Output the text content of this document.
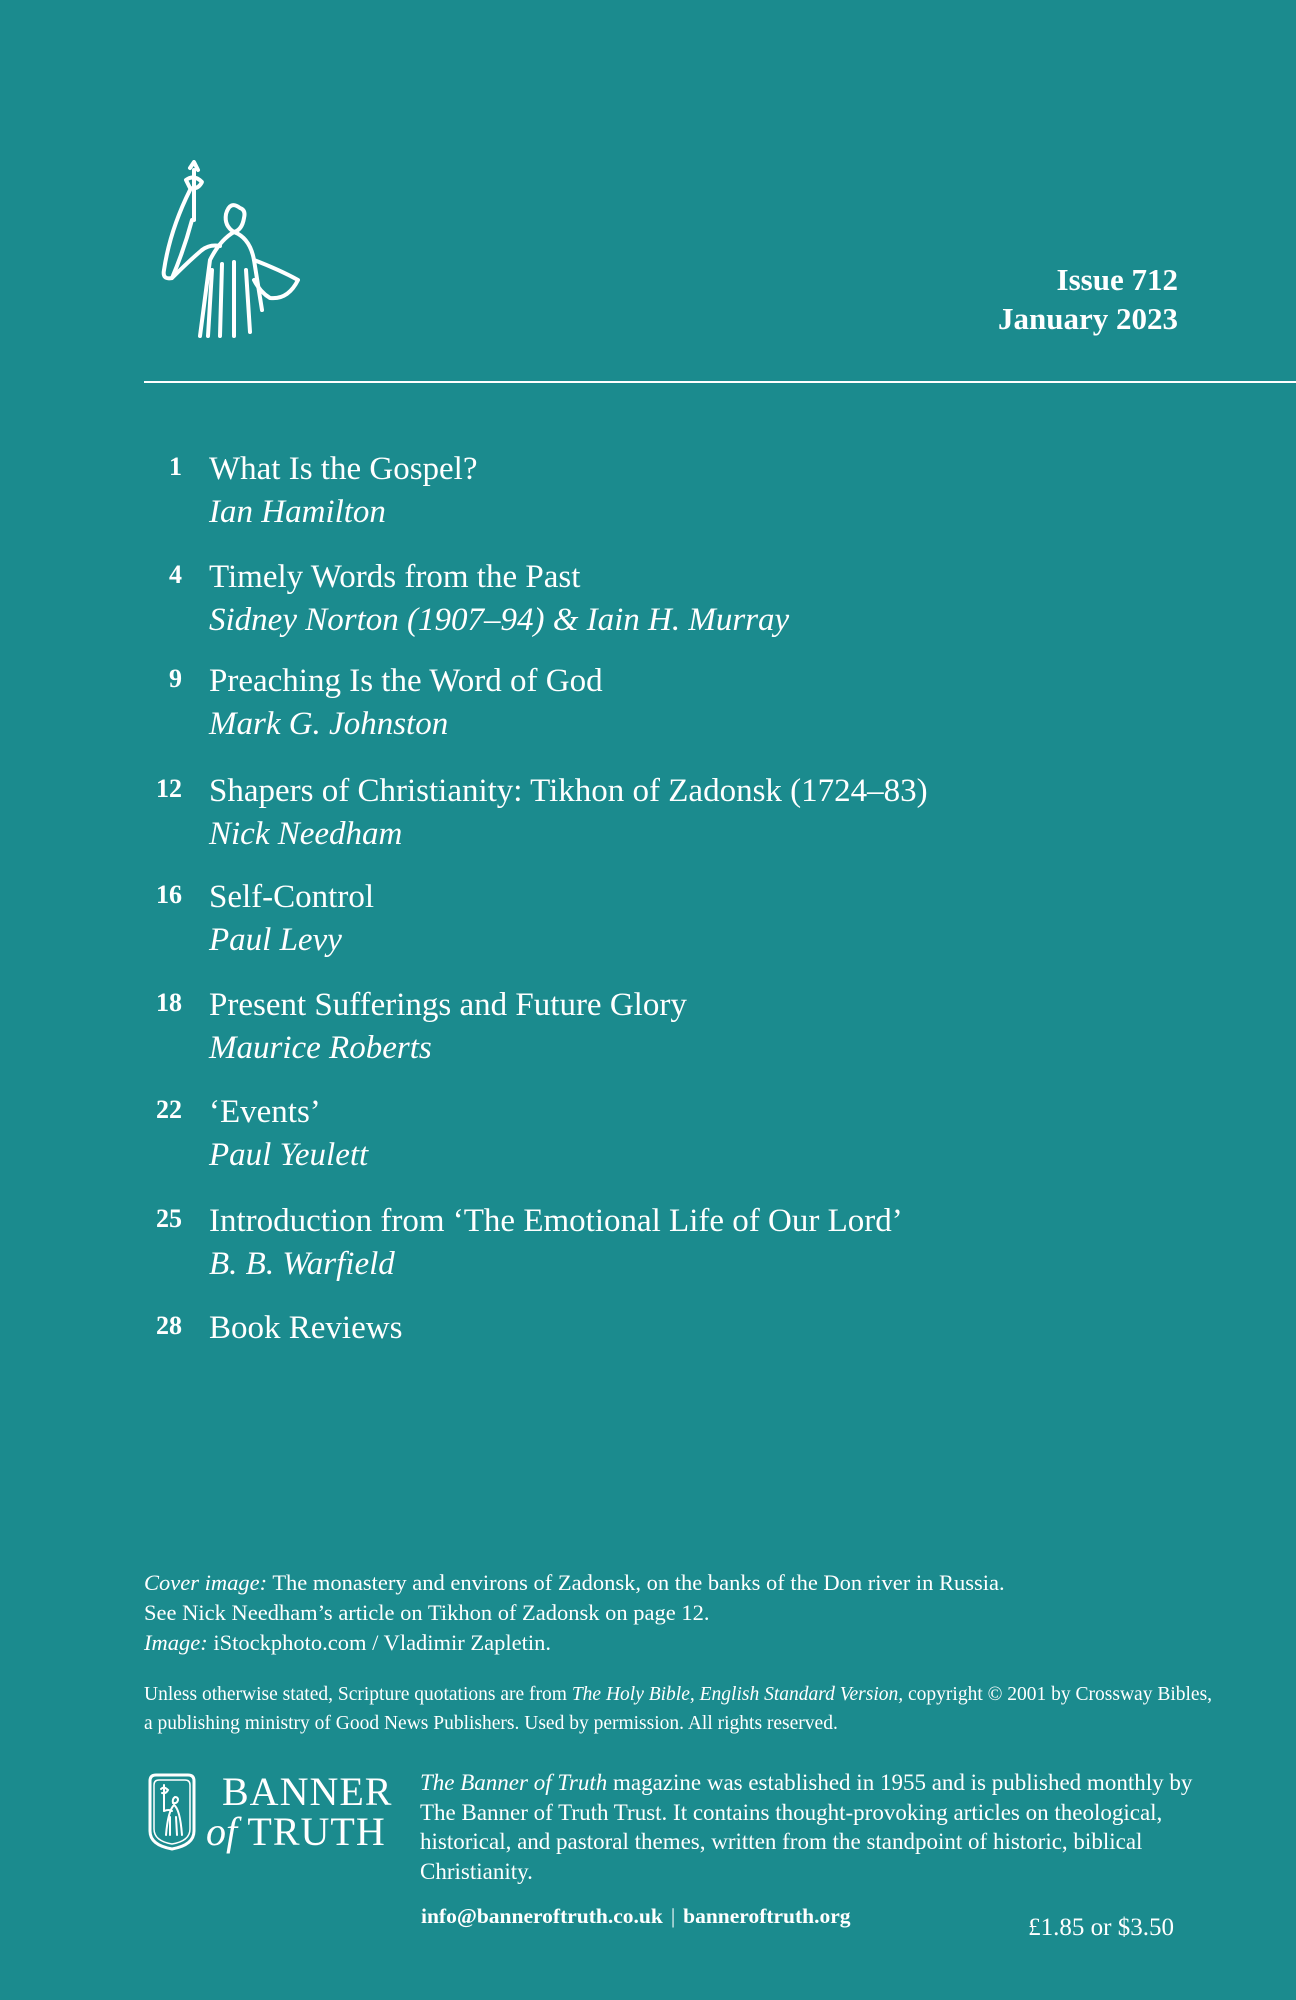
Issue 712
January 2023
1 What Is the Gospel?
Ian Hamilton
4 Timely Words from the Past
Sidney Norton (1907–94) & Iain H. Murray
9 Preaching Is the Word of God
Mark G. Johnston
12 Shapers of Christianity: Tikhon of Zadonsk (1724–83)
Nick Needham
16 Self-Control
Paul Levy
18 Present Sufferings and Future Glory
Maurice Roberts
22 ‘Events’
Paul Yeulett
25 Introduction from ‘The Emotional Life of Our Lord’
B. B. Warfield
28 Book Reviews
Cover image: The monastery and environs of Zadonsk, on the banks of the Don river in Russia.
See Nick Needham’s article on Tikhon of Zadonsk on page 12.
Image: iStockphoto.com / Vladimir Zapletin.
Unless otherwise stated, Scripture quotations are from The Holy Bible, English Standard Version, copyright © 2001 by Crossway Bibles, a publishing ministry of Good News Publishers. Used by permission. All rights reserved.
BANNER
of TRUTH
The Banner of Truth magazine was established in 1955 and is published monthly by The Banner of Truth Trust. It contains thought-provoking articles on theological, historical, and pastoral themes, written from the standpoint of historic, biblical Christianity.
info@banneroftruth.co.uk | banneroftruth.org	£1.85 or $3.50
